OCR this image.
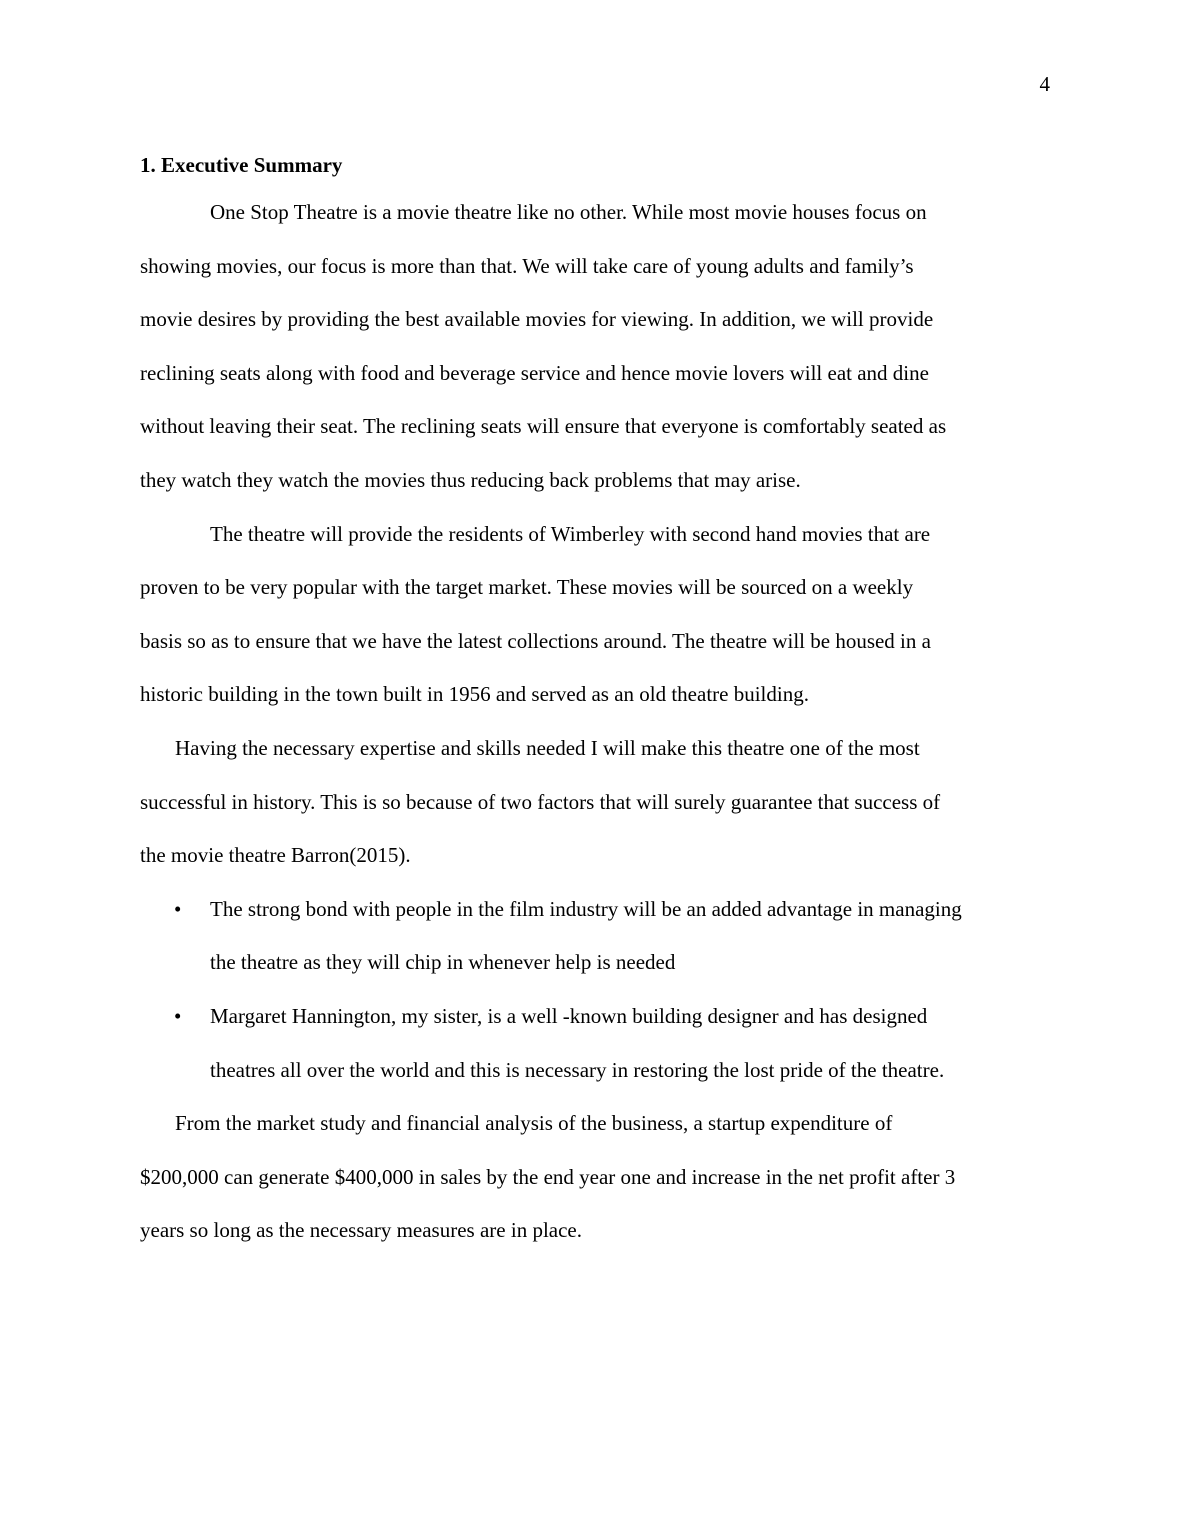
4
1. Executive Summary
One Stop Theatre is a movie theatre like no other. While most movie houses focus on
showing movies, our focus is more than that. We will take care of young adults and family’s
movie desires by providing the best available movies for viewing. In addition, we will provide
reclining seats along with food and beverage service and hence movie lovers will eat and dine
without leaving their seat. The reclining seats will ensure that everyone is comfortably seated as
they watch they watch the movies thus reducing back problems that may arise.
The theatre will provide the residents of Wimberley with second hand movies that are
proven to be very popular with the target market. These movies will be sourced on a weekly
basis so as to ensure that we have the latest collections around. The theatre will be housed in a
historic building in the town built in 1956 and served as an old theatre building.
Having the necessary expertise and skills needed I will make this theatre one of the most
successful in history. This is so because of two factors that will surely guarantee that success of
the movie theatre Barron(2015).
• The strong bond with people in the film industry will be an added advantage in managing
the theatre as they will chip in whenever help is needed
• Margaret Hannington, my sister, is a well -known building designer and has designed
theatres all over the world and this is necessary in restoring the lost pride of the theatre.
From the market study and financial analysis of the business, a startup expenditure of
$200,000 can generate $400,000 in sales by the end year one and increase in the net profit after 3
years so long as the necessary measures are in place.
